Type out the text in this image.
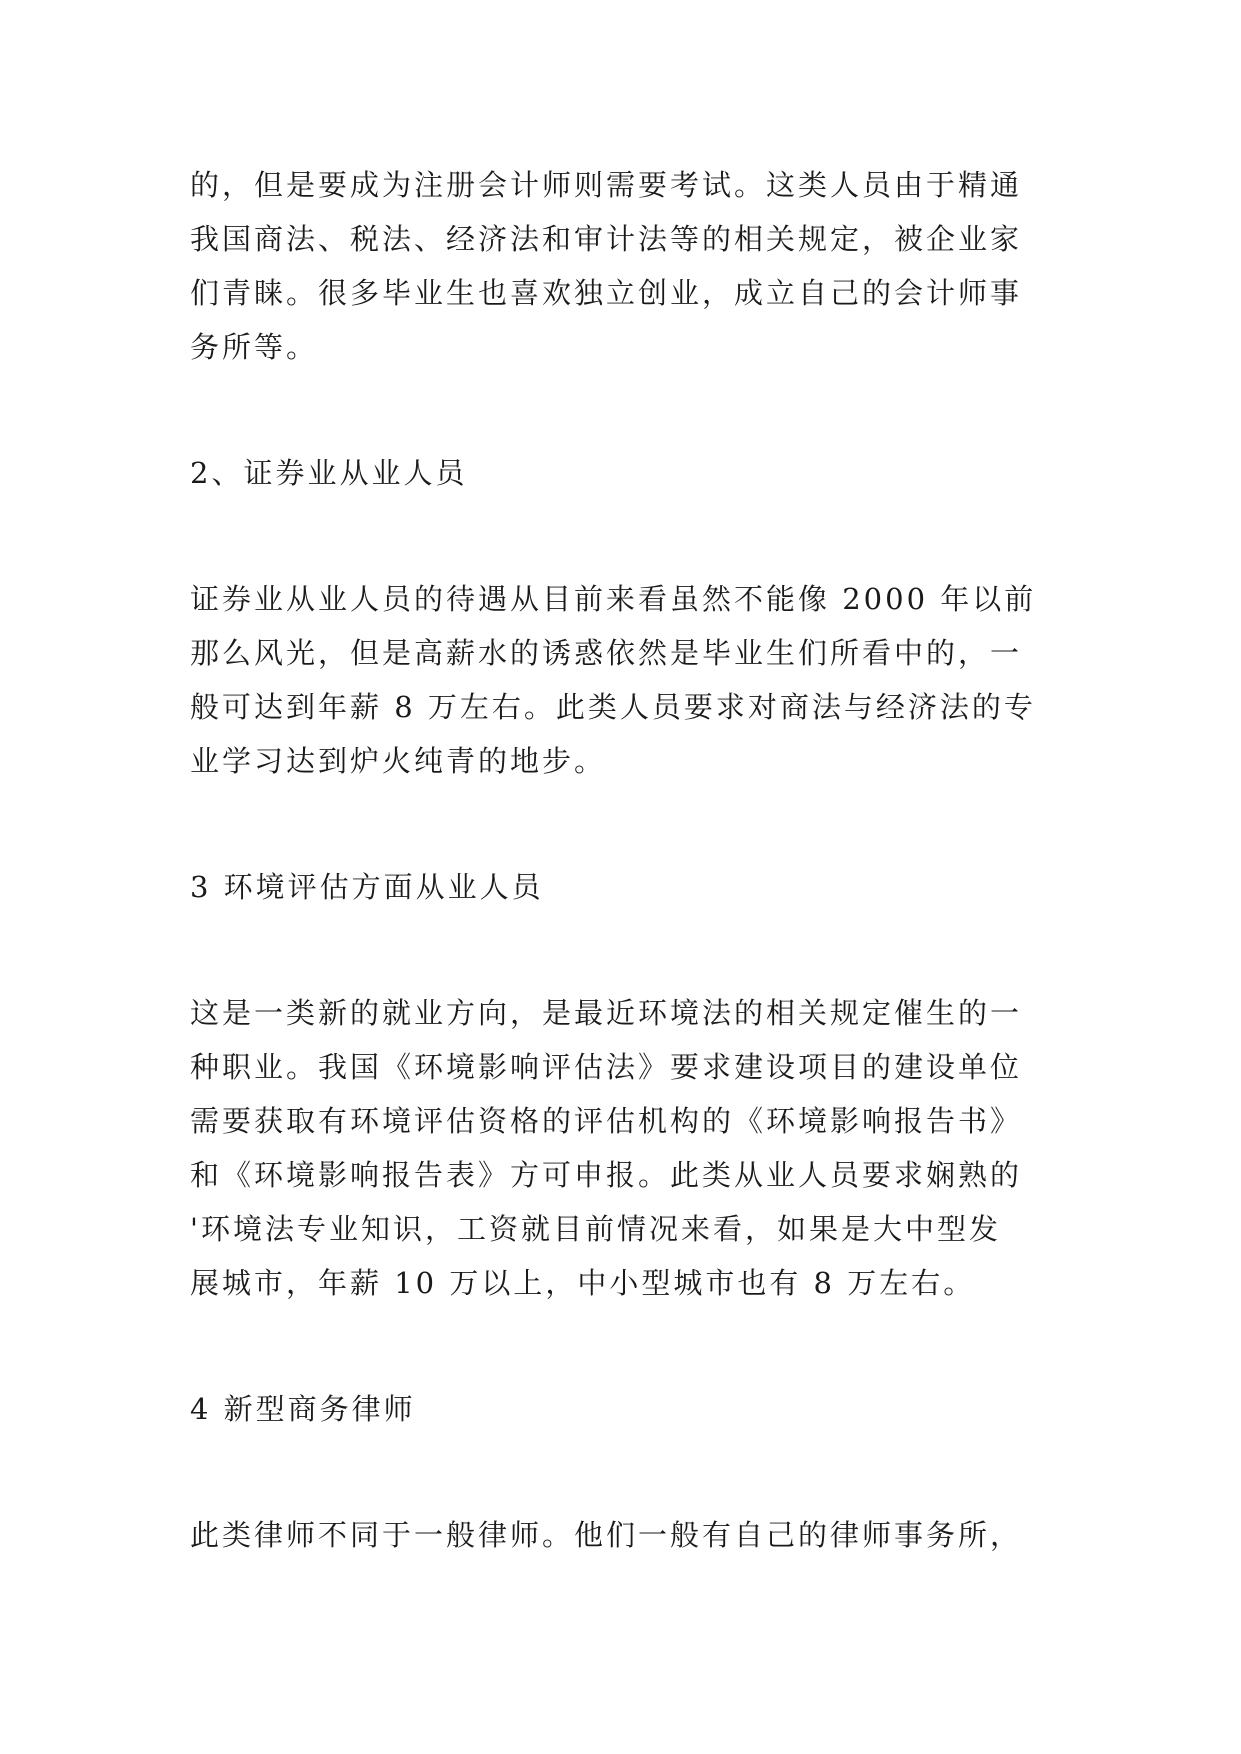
的，但是要成为注册会计师则需要考试。这类人员由于精通
我国商法、税法、经济法和审计法等的相关规定，被企业家
们青睐。很多毕业生也喜欢独立创业，成立自己的会计师事
务所等。
2、证券业从业人员
证券业从业人员的待遇从目前来看虽然不能像 2000 年以前
那么风光，但是高薪水的诱惑依然是毕业生们所看中的，一
般可达到年薪 8 万左右。此类人员要求对商法与经济法的专
业学习达到炉火纯青的地步。
3 环境评估方面从业人员
这是一类新的就业方向，是最近环境法的相关规定催生的一
种职业。我国《环境影响评估法》要求建设项目的建设单位
需要获取有环境评估资格的评估机构的《环境影响报告书》
和《环境影响报告表》方可申报。此类从业人员要求娴熟的
'环境法专业知识，工资就目前情况来看，如果是大中型发
展城市，年薪 10 万以上，中小型城市也有 8 万左右。
4 新型商务律师
此类律师不同于一般律师。他们一般有自己的律师事务所，
